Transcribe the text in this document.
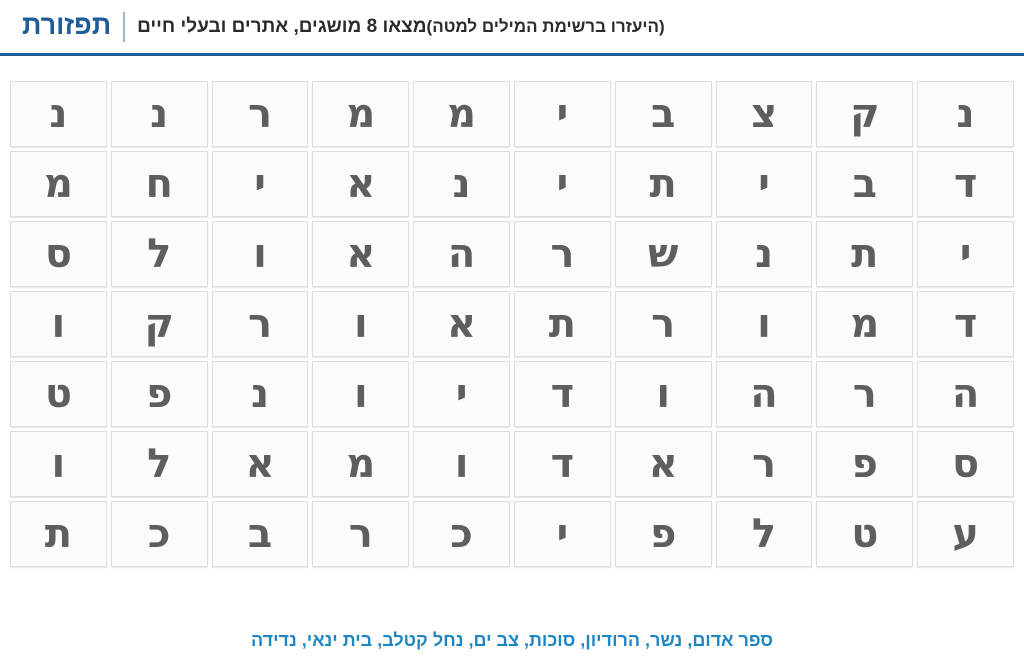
תפזורת מצאו 8 מושגים, אתרים ובעלי חיים (היעזרו ברשימת המילים למטה)
נ
ק
צ
ב
י
מ
מ
ר
נ
נ
ד
ב
י
ת
י
נ
א
י
ח
מ
י
ת
נ
ש
ר
ה
א
ו
ל
ס
ד
מ
ו
ר
ת
א
ו
ר
ק
ו
ה
ר
ה
ו
ד
י
ו
נ
פ
ט
ס
פ
ר
א
ד
ו
מ
א
ל
ו
ע
ט
ל
פ
י
כ
ר
ב
כ
ת
ספר אדום, נשר, הרודיון, סוכות, צב ים, נחל קטלב, בית ינאי, נדידה
